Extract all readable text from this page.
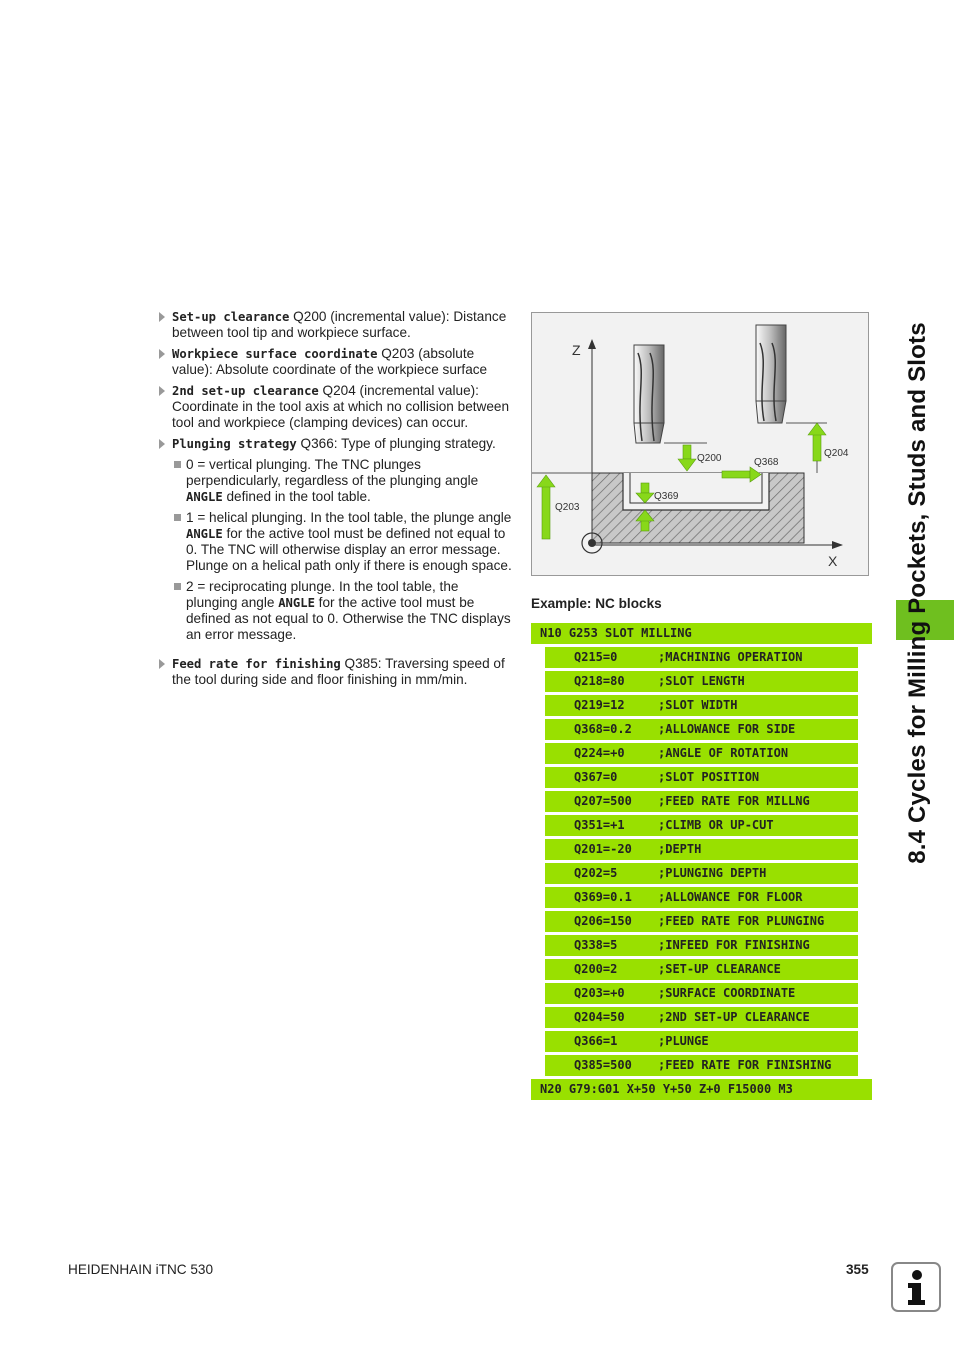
Set-up clearance Q200 (incremental value): Distance between tool tip and workpiece surface.
Workpiece surface coordinate Q203 (absolute value): Absolute coordinate of the workpiece surface
2nd set-up clearance Q204 (incremental value): Coordinate in the tool axis at which no collision between tool and workpiece (clamping devices) can occur.
Plunging strategy Q366: Type of plunging strategy.
0 = vertical plunging. The TNC plunges perpendicularly, regardless of the plunging angle ANGLE defined in the tool table.
1 = helical plunging. In the tool table, the plunge angle ANGLE for the active tool must be defined not equal to 0. The TNC will otherwise display an error message. Plunge on a helical path only if there is enough space.
2 = reciprocating plunge. In the tool table, the plunging angle ANGLE for the active tool must be defined as not equal to 0. Otherwise the TNC displays an error message.
Feed rate for finishing Q385: Traversing speed of the tool during side and floor finishing in mm/min.
Z
X
Q200	Q368
Q204
Q369
Q203
Example: NC blocks
N10 G253 SLOT MILLING
Q215=0	;MACHINING OPERATION
Q218=80	;SLOT LENGTH
Q219=12	;SLOT WIDTH
Q368=0.2 ;ALLOWANCE FOR SIDE
Q224=+0	;ANGLE OF ROTATION
Q367=0	;SLOT POSITION
Q207=500 ;FEED RATE FOR MILLNG
Q351=+1	;CLIMB OR UP-CUT
Q201=-20 ;DEPTH
Q202=5	;PLUNGING DEPTH
Q369=0.1 ;ALLOWANCE FOR FLOOR
Q206=150 ;FEED RATE FOR PLUNGING
Q338=5	;INFEED FOR FINISHING
Q200=2	;SET-UP CLEARANCE
Q203=+0	;SURFACE COORDINATE
Q204=50	;2ND SET-UP CLEARANCE
Q366=1	;PLUNGE
Q385=500 ;FEED RATE FOR FINISHING
N20 G79:G01 X+50 Y+50 Z+0 F15000 M3
8.4 Cycles for Milling Pockets, Studs and Slots
HEIDENHAIN iTNC 530	355
